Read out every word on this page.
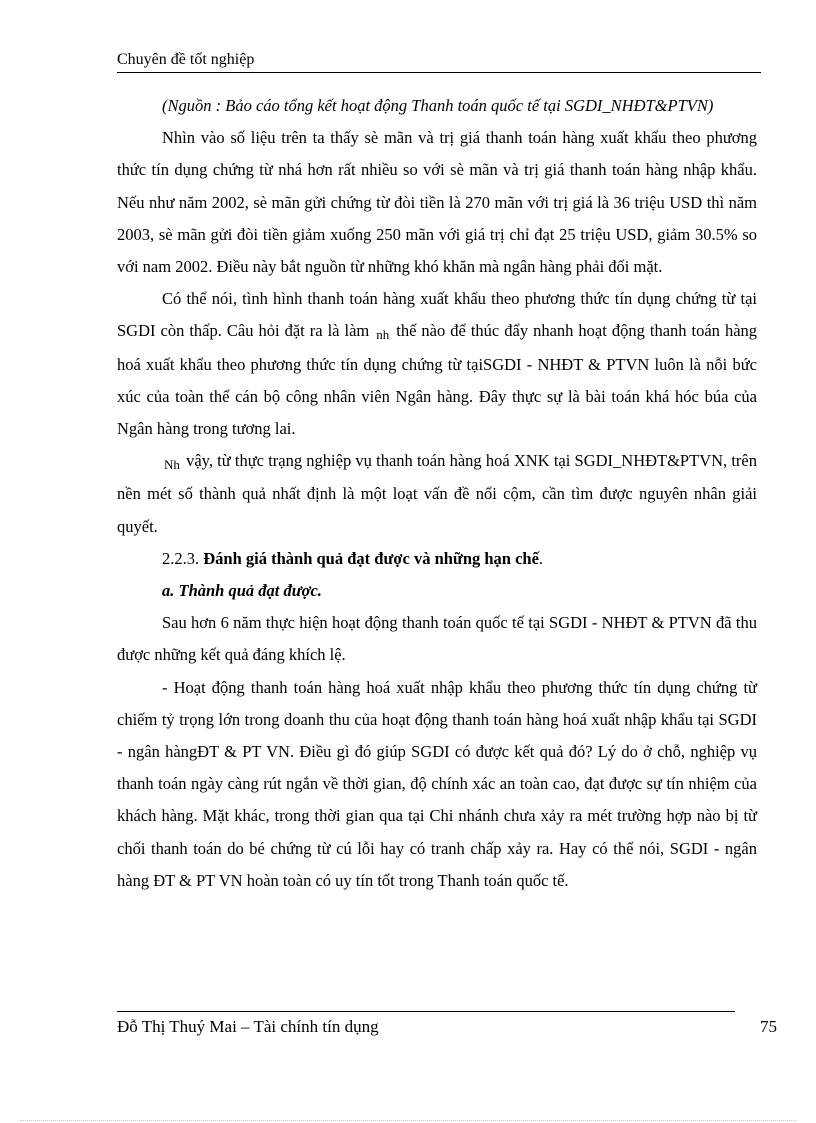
Chuyên đề tốt nghiệp

(Nguồn : Bảo cáo tổng kết hoạt động Thanh toán quốc tế tại SGDI_NHĐT&PTVN)

Nhìn vào số liệu trên ta thấy sè mãn và trị giá thanh toán hàng xuất khẩu theo phương thức tín dụng chứng từ nhá hơn rất nhiều so với sè mãn và trị giá thanh toán hàng nhập khẩu. Nếu như năm 2002, sè mãn gửi chứng từ đòi tiền là 270 mãn với trị giá là 36 triệu USD thì năm 2003, sè mãn gửi đòi tiền giảm xuống 250 mãn với giá trị chỉ đạt 25 triệu USD, giảm 30.5% so với nam 2002. Điều này bắt nguồn từ những khó khăn mà ngân hàng phải đối mặt.

Có thể nói, tình hình thanh toán hàng xuất khẩu theo phương thức tín dụng chứng từ tại SGDI còn thấp. Câu hỏi đặt ra là làm nh thế nào để thúc đẩy nhanh hoạt động thanh toán hàng hoá xuất khẩu theo phương thức tín dụng chứng từ tạiSGDI - NHĐT & PTVN luôn là nỗi bức xúc của toàn thể cán bộ công nhân viên Ngân hàng. Đây thực sự là bài toán khá hóc búa của Ngân hàng trong tương lai.

Nh vậy, từ thực trạng nghiệp vụ thanh toán hàng hoá XNK tại SGDI_NHĐT&PTVN, trên nền mét số thành quả nhất định là một loạt vấn đề nổi cộm, cần tìm được nguyên nhân giải quyết.

2.2.3. Đánh giá thành quả đạt được và những hạn chế.

a. Thành quả đạt được.

Sau hơn 6 năm thực hiện hoạt động thanh toán quốc tế tại SGDI - NHĐT & PTVN đã thu được những kết quả đáng khích lệ.

- Hoạt động thanh toán hàng hoá xuất nhập khẩu theo phương thức tín dụng chứng từ chiếm tỷ trọng lớn trong doanh thu của hoạt động thanh toán hàng hoá xuất nhập khẩu tại SGDI - ngân hàngĐT & PT VN. Điều gì đó giúp SGDI có được kết quả đó? Lý do ở chỗ, nghiệp vụ thanh toán ngày càng rút ngắn về thời gian, độ chính xác an toàn cao, đạt được sự tín nhiệm của khách hàng. Mặt khác, trong thời gian qua tại Chi nhánh chưa xảy ra mét trường hợp nào bị từ chối thanh toán do bé chứng từ cú lỗi hay có tranh chấp xảy ra. Hay có thể nói, SGDI - ngân hàng ĐT & PT VN hoàn toàn có uy tín tốt trong Thanh toán quốc tế.

Đỗ Thị Thuý Mai – Tài chính tín dụng	75
